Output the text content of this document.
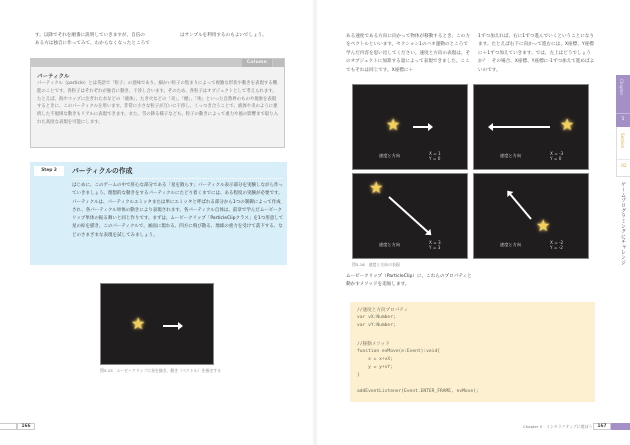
す。以降でそれを順番に説明していきますが、自信の
ある方は独自に作ってみて、わからなくなったところで
はサンプルを利用するのもよいでしょう。
Column
パーティクル
パーティクル（particle）とは英語で「粒子」の意味であり、細かい粒子の集まりによって複雑な形状や動きを表現する機能のことです。各粒子はそれぞれが独自に動き、干渉し合います。そのため、各粒子はオブジェクトとして考えられます。たとえば、海やコップに注ぎれた水などの「液体」、たき火などの「炎」、「煙」、「埃」といった自然界のものや現象を表現するときに、このパーティクルを用います。非常に小さな粒子が互いに干渉し、くっつき合うことで、液体や炎のように連続した不規則な動きもリアルに表現できます。また、雪の降る様子なども、粒子の動きによって重力や風の影響まで取り入れた高度な表現を可能にします。
Step 2	パーティクルの作成
はじめに、このゲームの中で肝心な部分である「星を散らす」パーティクル表示部分を実験しながら作っていきましょう。理想的な動きをするパーティクルにたどり着くまでには、ある程度の実験が必要です。パーティクルは、パーティクルエミッタまたは単にエミッタと呼ばれる部分から1つの制御によって作成され、各パーティクル単体の動きにより表現されます。各パーティクル自体は、前章で学んだムービークリップ単体の振る舞いと同じ作りです。まずは、ムービークリップ「ParticleClipクラス」を1つ用意して星の絵を描き、このパーティクルで、画面に現れる、四方に飛び散る、地球の重力を受けて落下する、などのさまざまな表現を試してみましょう。
★
図5-15　ムービークリップに星を描き、動き（ベクトル）を指定する
ある速度である方向に向かって物体が移動するとき、この力をベクトルといいます。セクション1のバネ運動のところで学んだ内容を思い出してください。速度と方向の表現は、そのオブジェクトに加算する量によって表現できました。ここでもそれは同じです。X座標に＋
1ずつ加えれば、右に1ずつ進んでいくということになります。たとえば右下に向かって進むには、X座標、Y座標に＋1ずつ加えていきます。では、左上はどうでしょうか？　その場合、X座標、Y座標に-1ずつ加えて進めばよいのです。
★
速度と方向	X = 1
Y = 0
★
速度と方向	X = -3
Y = 0
★
速度と方向	X = 3
Y = 3
★
速度と方向	X = -2
Y = -2
図5-16　速度と方向の表現
ムービークリップ（ParticleClip）に、これらのプロパティと動かすメソッドを追加します。
//速度と方向プロパティ
var vX:Number;
var vY:Number;
//移動メソッド
function evMove(e:Event):void{
x = x+vX;
y = y+vY;
}
addEventListener(Event.ENTER_FRAME, evMove);
Chapter
5
Section
02
ゲームプログラミングにチャレンジ
166	Chapter 5　インタラクティブに遊ぼう	167
